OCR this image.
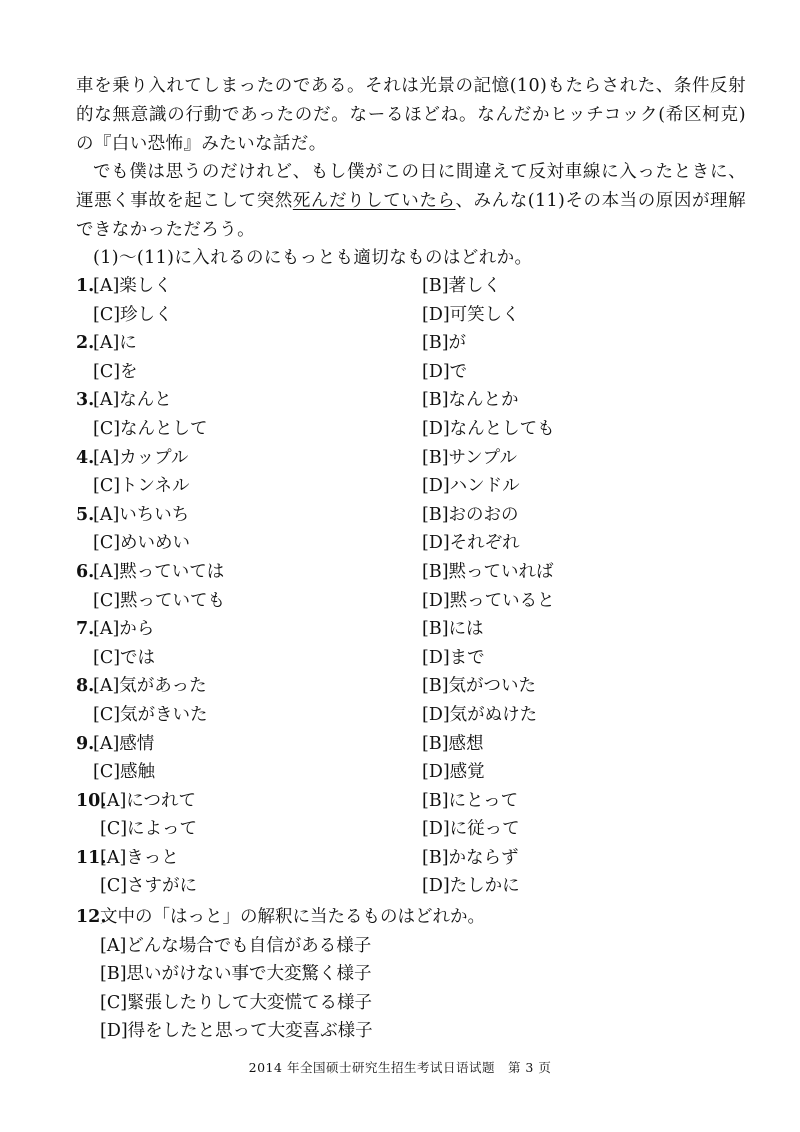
車を乗り入れてしまったのである。それは光景の記憶(10)もたらされた、条件反射的な無意識の行動であったのだ。なーるほどね。なんだかヒッチコック(希区柯克)の『白い恐怖』みたいな話だ。

でも僕は思うのだけれど、もし僕がこの日に間違えて反対車線に入ったときに、運悪く事故を起こして突然死んだりしていたら、みんな(11)その本当の原因が理解できなかっただろう。

(1)～(11)に入れるのにもっとも適切なものはどれか。
1.
[A]楽しく	[B]著しく
[C]珍しく	[D]可笑しく
2.
[A]に	[B]が
[C]を	[D]で
3.
[A]なんと	[B]なんとか
[C]なんとして	[D]なんとしても
4.
[A]カップル	[B]サンプル
[C]トンネル	[D]ハンドル
5.
[A]いちいち	[B]おのおの
[C]めいめい	[D]それぞれ
6.
[A]黙っていては	[B]黙っていれば
[C]黙っていても	[D]黙っていると
7.
[A]から	[B]には
[C]では	[D]まで
8.
[A]気があった	[B]気がついた
[C]気がきいた	[D]気がぬけた
9.
[A]感情	[B]感想
[C]感触	[D]感覚
10.
[A]につれて	[B]にとって
[C]によって	[D]に従って
11.
[A]きっと	[B]かならず
[C]さすがに	[D]たしかに
12.
文中の「はっと」の解釈に当たるものはどれか。
[A]どんな場合でも自信がある様子
[B]思いがけない事で大変驚く様子
[C]緊張したりして大変慌てる様子
[D]得をしたと思って大変喜ぶ様子
2014 年全国硕士研究生招生考试日语试题　第 3 页
